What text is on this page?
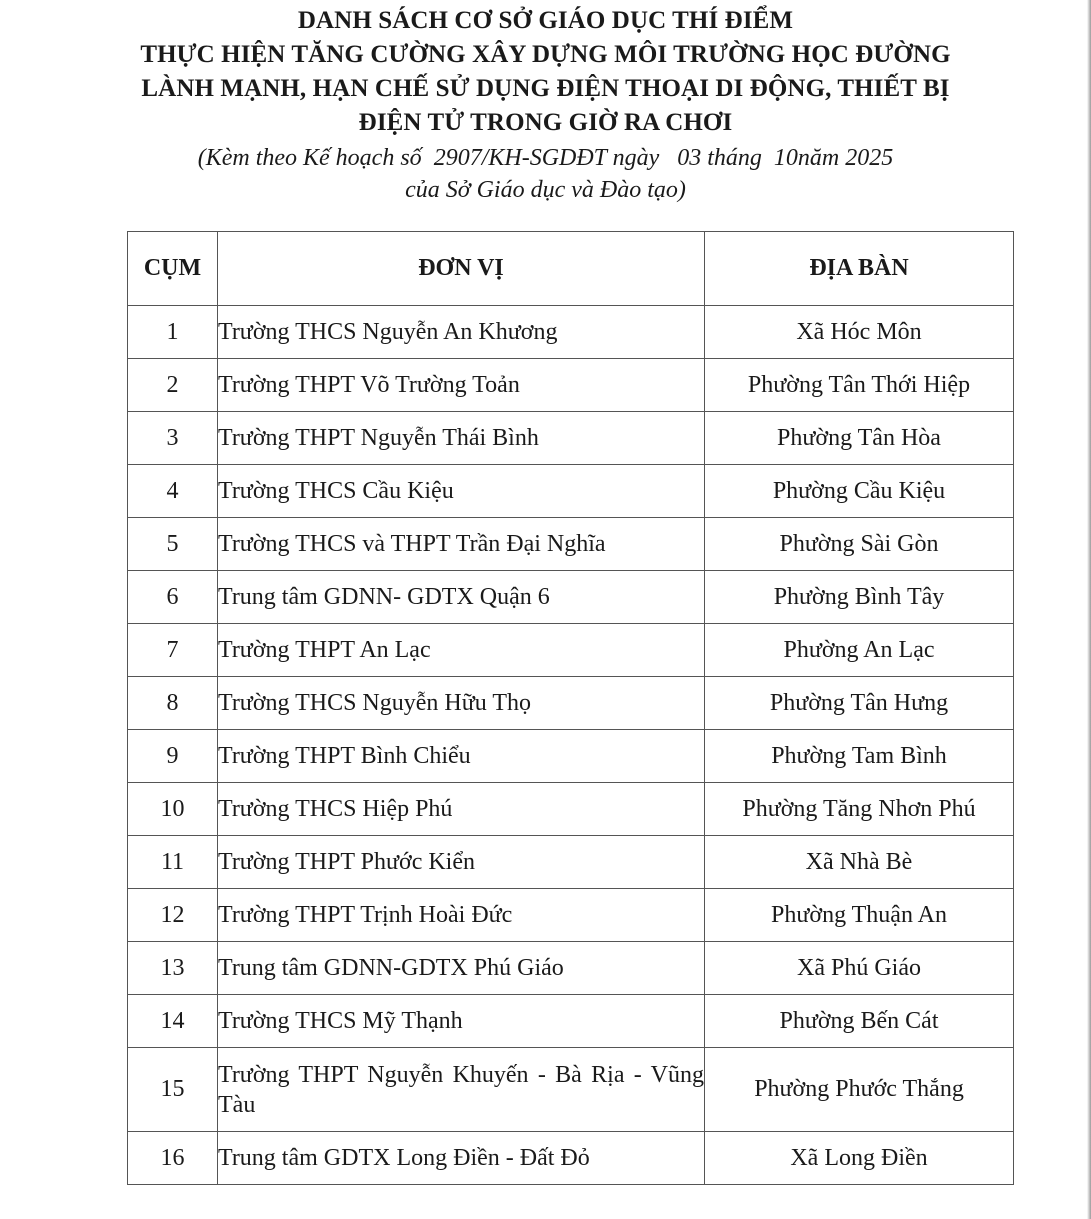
DANH SÁCH CƠ SỞ GIÁO DỤC THÍ ĐIỂM
THỰC HIỆN TĂNG CƯỜNG XÂY DỰNG MÔI TRƯỜNG HỌC ĐƯỜNG
LÀNH MẠNH, HẠN CHẾ SỬ DỤNG ĐIỆN THOẠI DI ĐỘNG, THIẾT BỊ
ĐIỆN TỬ TRONG GIỜ RA CHƠI
(Kèm theo Kế hoạch số 2907/KH-SGDĐT ngày 03 tháng 10năm 2025
của Sở Giáo dục và Đào tạo)
CỤM	ĐƠN VỊ	ĐỊA BÀN
1	Trường THCS Nguyễn An Khương	Xã Hóc Môn
2	Trường THPT Võ Trường Toản	Phường Tân Thới Hiệp
3	Trường THPT Nguyễn Thái Bình	Phường Tân Hòa
4	Trường THCS Cầu Kiệu	Phường Cầu Kiệu
5	Trường THCS và THPT Trần Đại Nghĩa	Phường Sài Gòn
6	Trung tâm GDNN- GDTX Quận 6	Phường Bình Tây
7	Trường THPT An Lạc	Phường An Lạc
8	Trường THCS Nguyễn Hữu Thọ	Phường Tân Hưng
9	Trường THPT Bình Chiểu	Phường Tam Bình
10	Trường THCS Hiệp Phú	Phường Tăng Nhơn Phú
11	Trường THPT Phước Kiển	Xã Nhà Bè
12	Trường THPT Trịnh Hoài Đức	Phường Thuận An
13	Trung tâm GDNN-GDTX Phú Giáo	Xã Phú Giáo
14	Trường THCS Mỹ Thạnh	Phường Bến Cát
15	Trường THPT Nguyễn Khuyến - Bà Rịa - Vũng Tàu	Phường Phước Thắng
16	Trung tâm GDTX Long Điền - Đất Đỏ	Xã Long Điền
